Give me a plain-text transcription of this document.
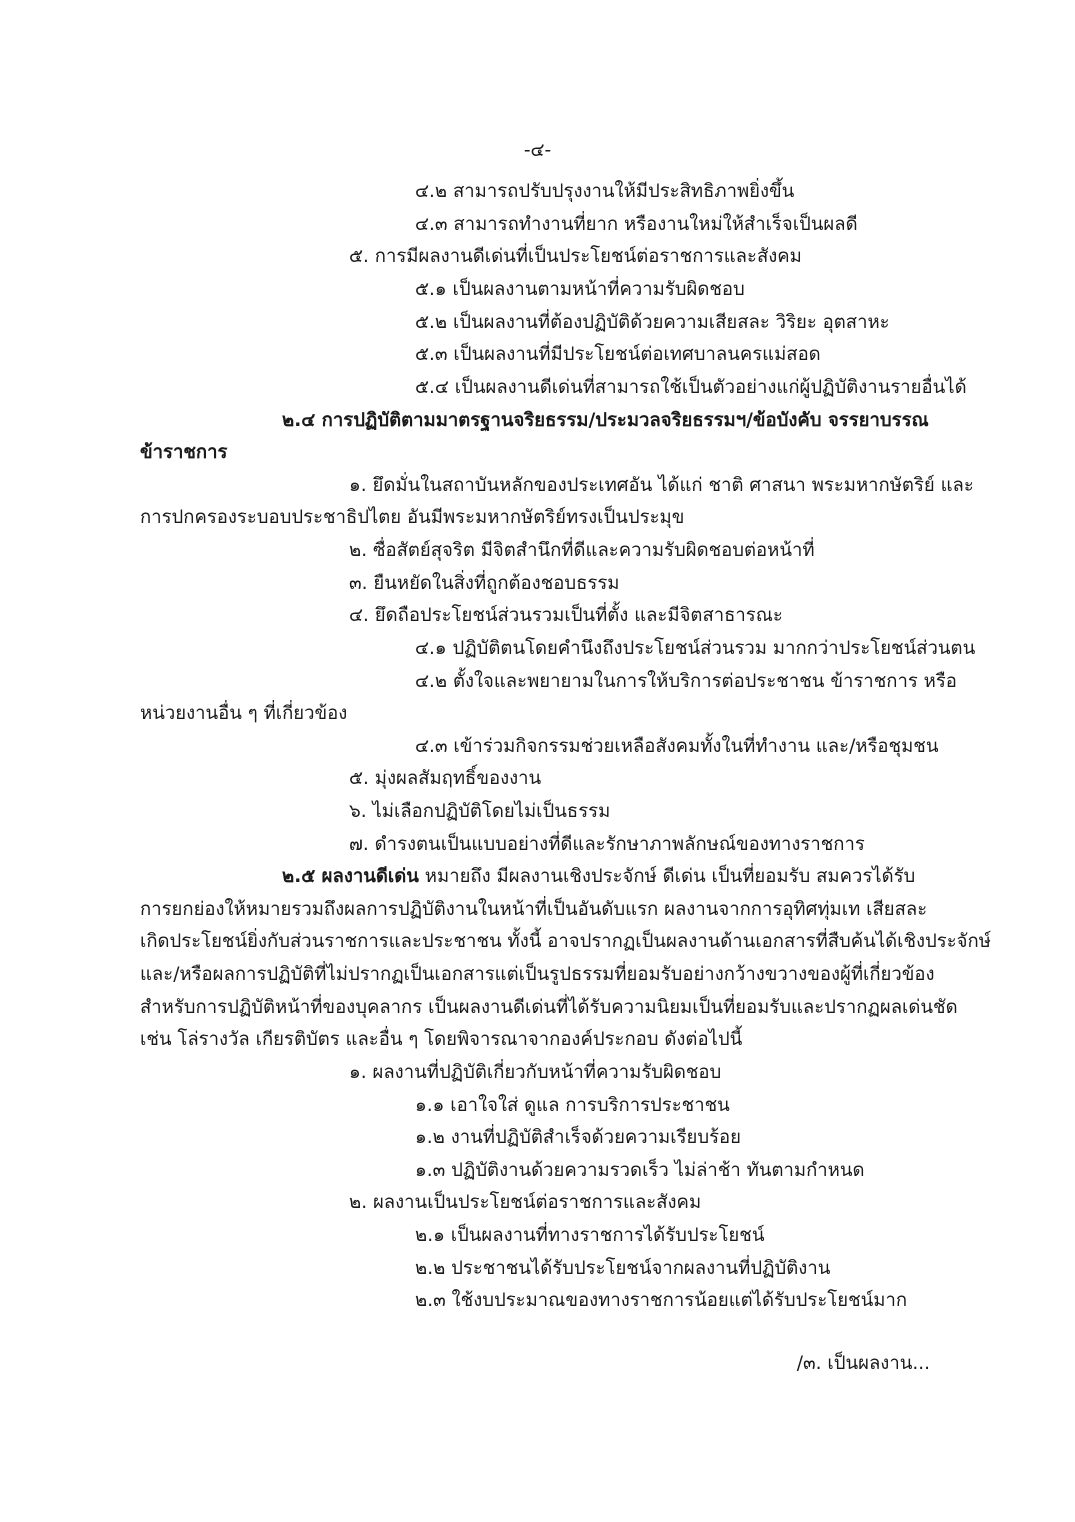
-๔-
๔.๒ สามารถปรับปรุงงานให้มีประสิทธิภาพยิ่งขึ้น
๔.๓ สามารถทำงานที่ยาก หรืองานใหม่ให้สำเร็จเป็นผลดี
๕. การมีผลงานดีเด่นที่เป็นประโยชน์ต่อราชการและสังคม
๕.๑ เป็นผลงานตามหน้าที่ความรับผิดชอบ
๕.๒ เป็นผลงานที่ต้องปฏิบัติด้วยความเสียสละ วิริยะ อุตสาหะ
๕.๓ เป็นผลงานที่มีประโยชน์ต่อเทศบาลนครแม่สอด
๕.๔ เป็นผลงานดีเด่นที่สามารถใช้เป็นตัวอย่างแก่ผู้ปฏิบัติงานรายอื่นได้
๒.๔ การปฏิบัติตามมาตรฐานจริยธรรม/ประมวลจริยธรรมฯ/ข้อบังคับ จรรยาบรรณ
ข้าราชการ
๑. ยึดมั่นในสถาบันหลักของประเทศอัน ได้แก่ ชาติ ศาสนา พระมหากษัตริย์ และ
การปกครองระบอบประชาธิปไตย อันมีพระมหากษัตริย์ทรงเป็นประมุข
๒. ซื่อสัตย์สุจริต มีจิตสำนึกที่ดีและความรับผิดชอบต่อหน้าที่
๓. ยืนหยัดในสิ่งที่ถูกต้องชอบธรรม
๔. ยึดถือประโยชน์ส่วนรวมเป็นที่ตั้ง และมีจิตสาธารณะ
๔.๑ ปฏิบัติตนโดยคำนึงถึงประโยชน์ส่วนรวม มากกว่าประโยชน์ส่วนตน
๔.๒ ตั้งใจและพยายามในการให้บริการต่อประชาชน ข้าราชการ หรือ
หน่วยงานอื่น ๆ ที่เกี่ยวข้อง
๔.๓ เข้าร่วมกิจกรรมช่วยเหลือสังคมทั้งในที่ทำงาน และ/หรือชุมชน
๕. มุ่งผลสัมฤทธิ์ของงาน
๖. ไม่เลือกปฏิบัติโดยไม่เป็นธรรม
๗. ดำรงตนเป็นแบบอย่างที่ดีและรักษาภาพลักษณ์ของทางราชการ
๒.๕ ผลงานดีเด่น หมายถึง มีผลงานเชิงประจักษ์ ดีเด่น เป็นที่ยอมรับ สมควรได้รับ
การยกย่องให้หมายรวมถึงผลการปฏิบัติงานในหน้าที่เป็นอันดับแรก ผลงานจากการอุทิศทุ่มเท เสียสละ
เกิดประโยชน์ยิ่งกับส่วนราชการและประชาชน ทั้งนี้ อาจปรากฏเป็นผลงานด้านเอกสารที่สืบค้นได้เชิงประจักษ์
และ/หรือผลการปฏิบัติที่ไม่ปรากฏเป็นเอกสารแต่เป็นรูปธรรมที่ยอมรับอย่างกว้างขวางของผู้ที่เกี่ยวข้อง
สำหรับการปฏิบัติหน้าที่ของบุคลากร เป็นผลงานดีเด่นที่ได้รับความนิยมเป็นที่ยอมรับและปรากฏผลเด่นชัด
เช่น โล่รางวัล เกียรติบัตร และอื่น ๆ โดยพิจารณาจากองค์ประกอบ ดังต่อไปนี้
๑. ผลงานที่ปฏิบัติเกี่ยวกับหน้าที่ความรับผิดชอบ
๑.๑ เอาใจใส่ ดูแล การบริการประชาชน
๑.๒ งานที่ปฏิบัติสำเร็จด้วยความเรียบร้อย
๑.๓ ปฏิบัติงานด้วยความรวดเร็ว ไม่ล่าช้า ทันตามกำหนด
๒. ผลงานเป็นประโยชน์ต่อราชการและสังคม
๒.๑ เป็นผลงานที่ทางราชการได้รับประโยชน์
๒.๒ ประชาชนได้รับประโยชน์จากผลงานที่ปฏิบัติงาน
๒.๓ ใช้งบประมาณของทางราชการน้อยแต่ได้รับประโยชน์มาก
/๓. เป็นผลงาน...
